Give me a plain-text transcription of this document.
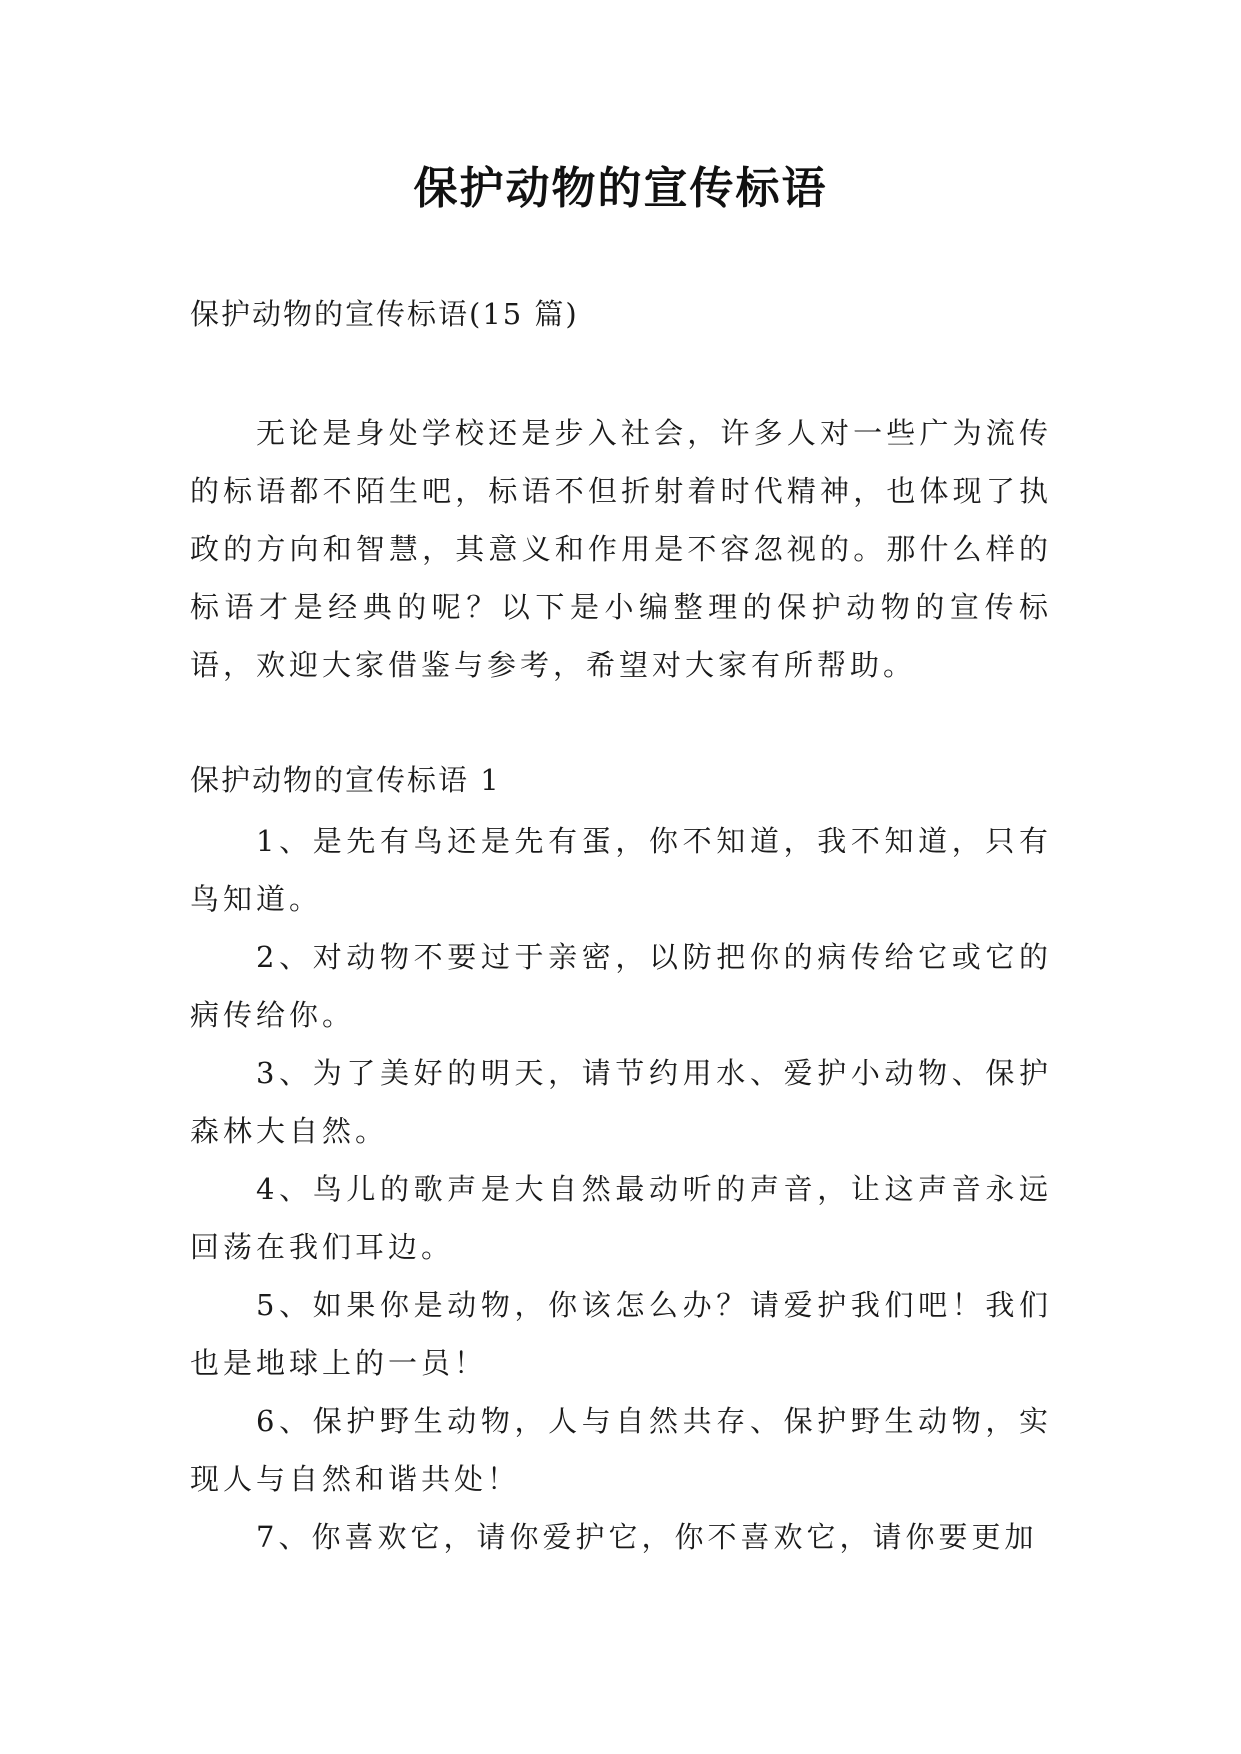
保护动物的宣传标语

保护动物的宣传标语(15 篇)

无论是身处学校还是步入社会，许多人对一些广为流传的标语都不陌生吧，标语不但折射着时代精神，也体现了执政的方向和智慧，其意义和作用是不容忽视的。那什么样的标语才是经典的呢？以下是小编整理的保护动物的宣传标语，欢迎大家借鉴与参考，希望对大家有所帮助。

保护动物的宣传标语 1

1、是先有鸟还是先有蛋，你不知道，我不知道，只有鸟知道。
2、对动物不要过于亲密，以防把你的病传给它或它的病传给你。
3、为了美好的明天，请节约用水、爱护小动物、保护森林大自然。
4、鸟儿的歌声是大自然最动听的声音，让这声音永远回荡在我们耳边。
5、如果你是动物，你该怎么办？请爱护我们吧！我们也是地球上的一员！
6、保护野生动物，人与自然共存、保护野生动物，实现人与自然和谐共处！
7、你喜欢它，请你爱护它，你不喜欢它，请你要更加
